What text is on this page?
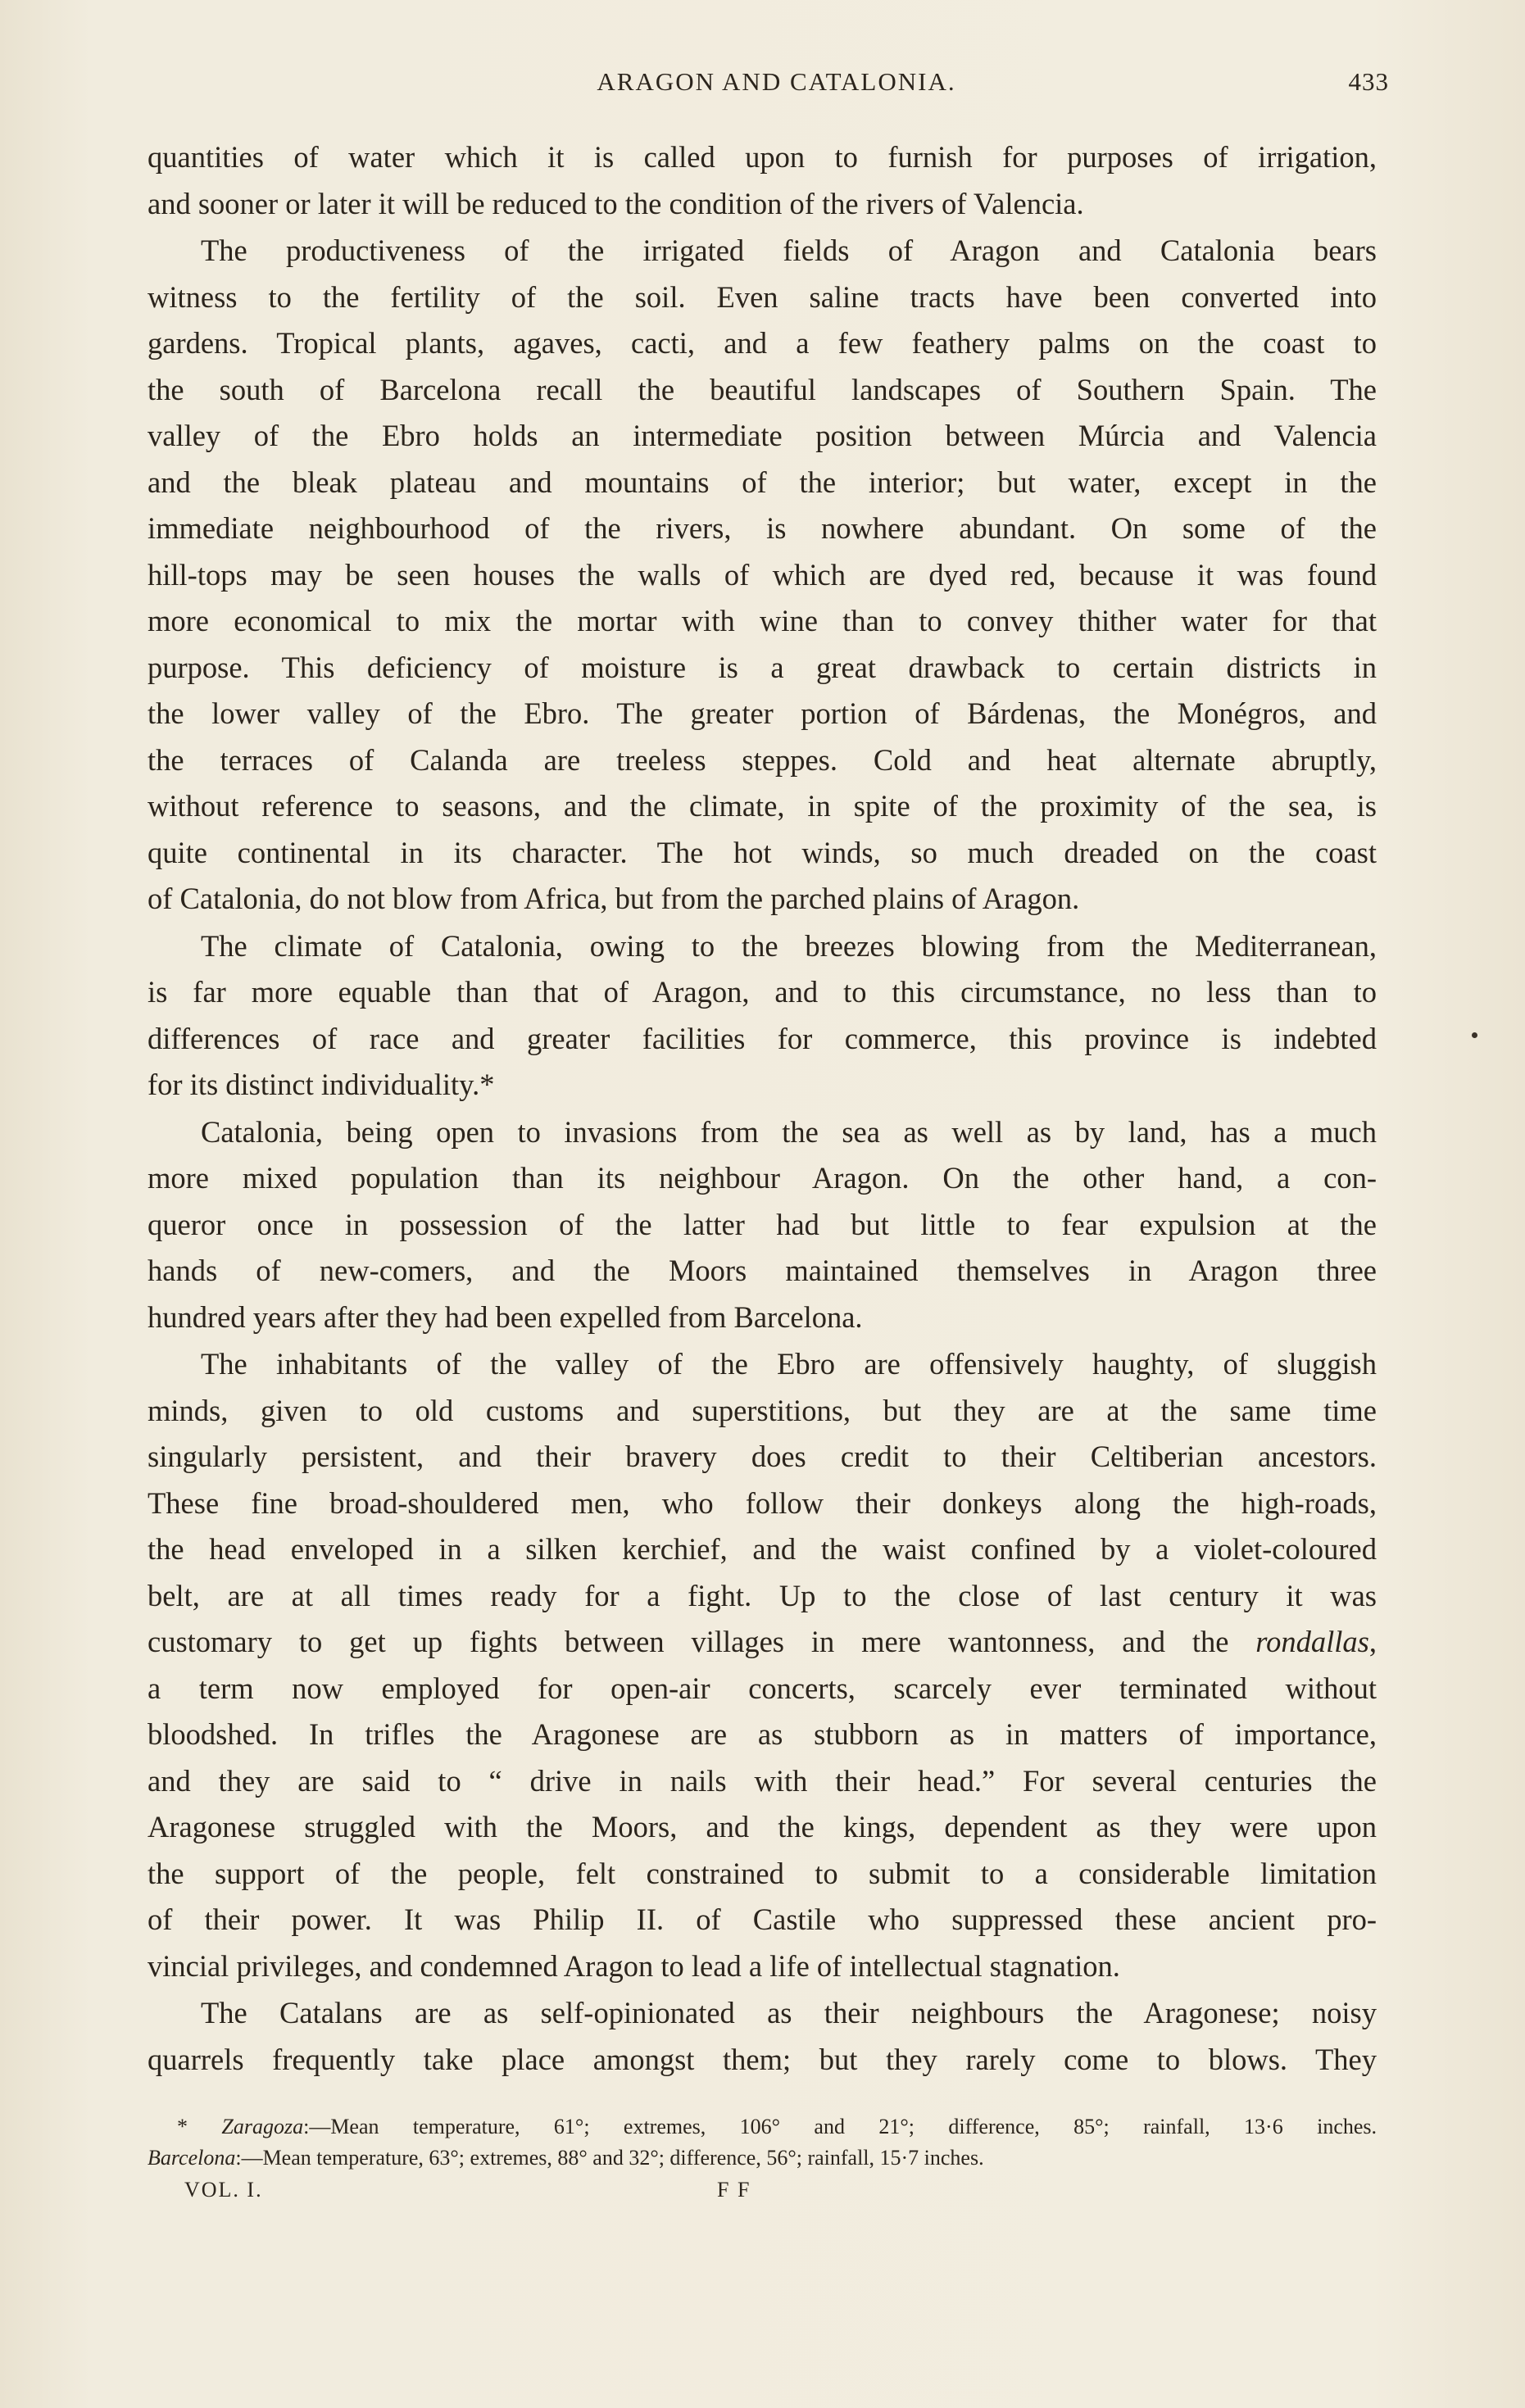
ARAGON AND CATALONIA.	433

quantities of water which it is called upon to furnish for purposes of irrigation,

and sooner or later it will be reduced to the condition of the rivers of Valencia.

The productiveness of the irrigated fields of Aragon and Catalonia bears

witness to the fertility of the soil. Even saline tracts have been converted into

gardens. Tropical plants, agaves, cacti, and a few feathery palms on the coast to

the south of Barcelona recall the beautiful landscapes of Southern Spain. The

valley of the Ebro holds an intermediate position between Múrcia and Valencia

and the bleak plateau and mountains of the interior; but water, except in the

immediate neighbourhood of the rivers, is nowhere abundant. On some of the

hill-tops may be seen houses the walls of which are dyed red, because it was found

more economical to mix the mortar with wine than to convey thither water for that

purpose. This deficiency of moisture is a great drawback to certain districts in

the lower valley of the Ebro. The greater portion of Bárdenas, the Monégros, and

the terraces of Calanda are treeless steppes. Cold and heat alternate abruptly,

without reference to seasons, and the climate, in spite of the proximity of the sea, is

quite continental in its character. The hot winds, so much dreaded on the coast

of Catalonia, do not blow from Africa, but from the parched plains of Aragon.

The climate of Catalonia, owing to the breezes blowing from the Mediterranean,

is far more equable than that of Aragon, and to this circumstance, no less than to

differences of race and greater facilities for commerce, this province is indebted

for its distinct individuality.*

Catalonia, being open to invasions from the sea as well as by land, has a much

more mixed population than its neighbour Aragon. On the other hand, a con-

queror once in possession of the latter had but little to fear expulsion at the

hands of new-comers, and the Moors maintained themselves in Aragon three

hundred years after they had been expelled from Barcelona.

The inhabitants of the valley of the Ebro are offensively haughty, of sluggish

minds, given to old customs and superstitions, but they are at the same time

singularly persistent, and their bravery does credit to their Celtiberian ancestors.

These fine broad-shouldered men, who follow their donkeys along the high-roads,

the head enveloped in a silken kerchief, and the waist confined by a violet-coloured

belt, are at all times ready for a fight. Up to the close of last century it was

customary to get up fights between villages in mere wantonness, and the rondallas,

a term now employed for open-air concerts, scarcely ever terminated without

bloodshed. In trifles the Aragonese are as stubborn as in matters of importance,

and they are said to “ drive in nails with their head.” For several centuries the

Aragonese struggled with the Moors, and the kings, dependent as they were upon

the support of the people, felt constrained to submit to a considerable limitation

of their power. It was Philip II. of Castile who suppressed these ancient pro-

vincial privileges, and condemned Aragon to lead a life of intellectual stagnation.

The Catalans are as self-opinionated as their neighbours the Aragonese; noisy

quarrels frequently take place amongst them; but they rarely come to blows. They

* Zaragoza:—Mean temperature, 61°; extremes, 106° and 21°; difference, 85°; rainfall, 13·6 inches.

Barcelona:—Mean temperature, 63°; extremes, 88° and 32°; difference, 56°; rainfall, 15·7 inches.

VOL. I.	F F
